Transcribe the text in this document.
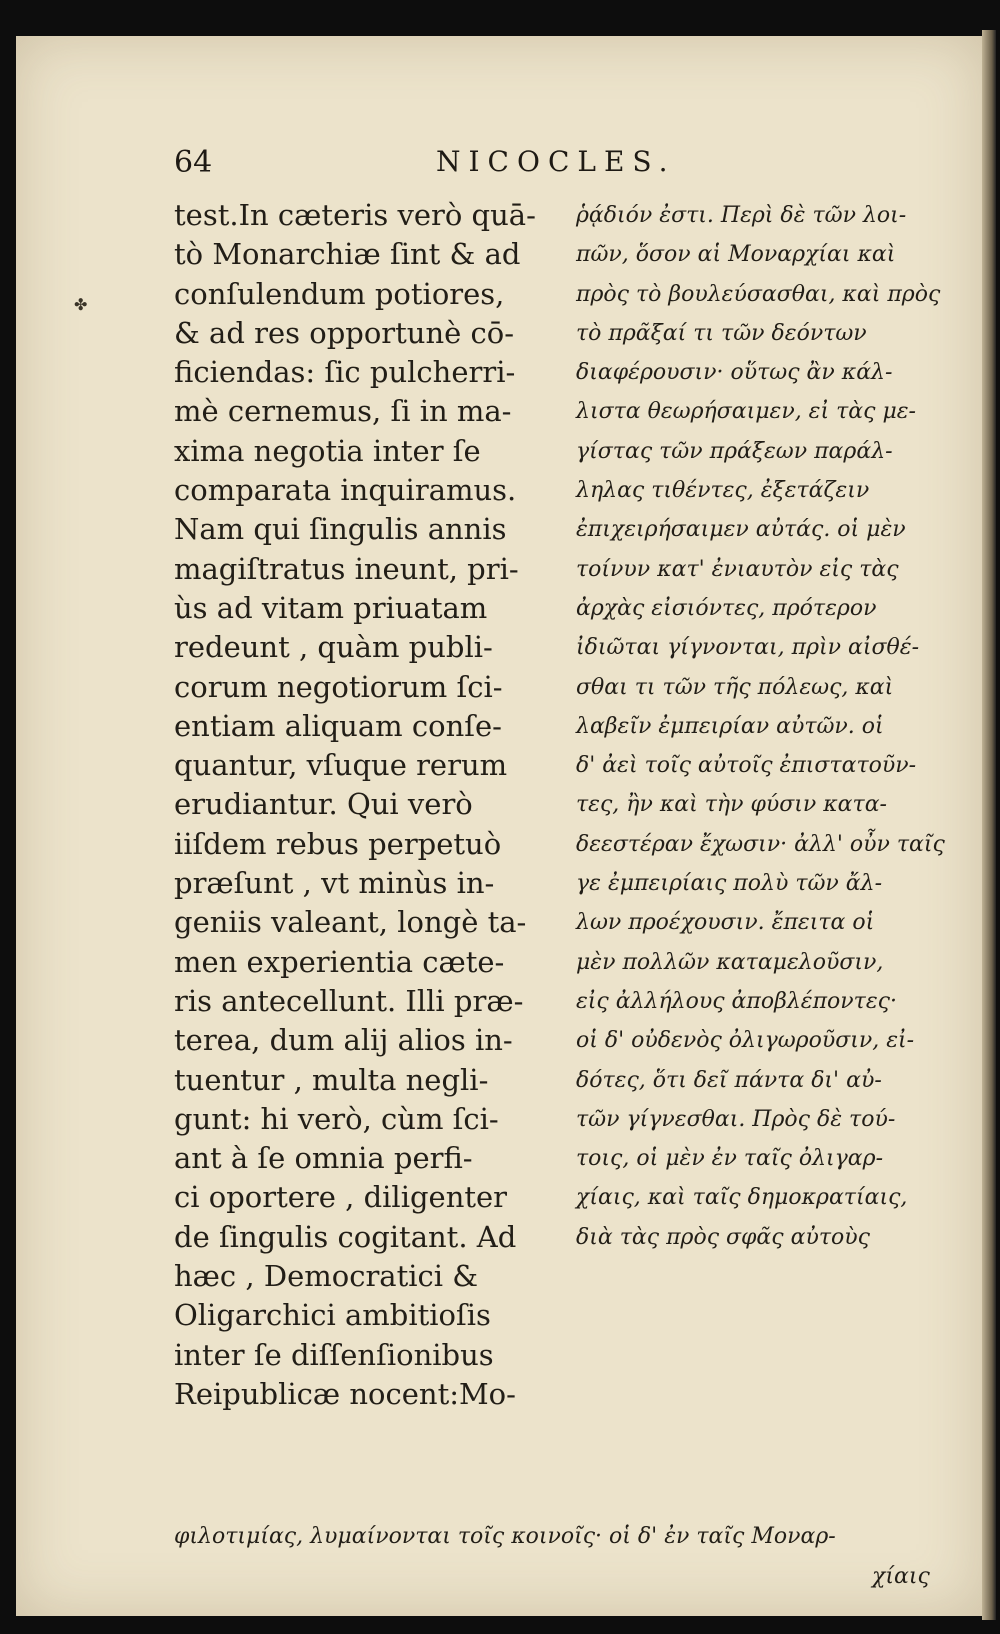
✤
64	NICOCLES.
test.In cæteris verò quā-
tò Monarchiæ ſint & ad
conſulendum potiores,
& ad res opportunè cō-
ficiendas: ſic pulcherri-
mè cernemus, ſi in ma-
xima negotia inter ſe
comparata inquiramus.
Nam qui ſingulis annis
magiſtratus ineunt, pri-
ùs ad vitam priuatam
redeunt , quàm publi-
corum negotiorum ſci-
entiam aliquam conſe-
quantur, vſuque rerum
erudiantur. Qui verò
iiſdem rebus perpetuò
præſunt , vt minùs in-
geniis valeant, longè ta-
men experientia cæte-
ris antecellunt. Illi præ-
terea, dum alij alios in-
tuentur , multa negli-
gunt: hi verò, cùm ſci-
ant à ſe omnia perfi-
ci oportere , diligenter
de ſingulis cogitant. Ad
hæc , Democratici &
Oligarchici ambitioſis
inter ſe diſſenſionibus
Reipublicæ nocent:Mo-
ῥᾴδιόν ἐστι. Περὶ δὲ τῶν λοι-
πῶν, ὅσον αἱ Μοναρχίαι καὶ
πρὸς τὸ βουλεύσασθαι, καὶ πρὸς
τὸ πρᾶξαί τι τῶν δεόντων
διαφέρουσιν· οὕτως ἂν κάλ-
λιστα θεωρήσαιμεν, εἰ τὰς με-
γίστας τῶν πράξεων παράλ-
ληλας τιθέντες, ἐξετάζειν
ἐπιχειρήσαιμεν αὐτάς. οἱ μὲν
τοίνυν κατ' ἐνιαυτὸν εἰς τὰς
ἀρχὰς εἰσιόντες, πρότερον
ἰδιῶται γίγνονται, πρὶν αἰσθέ-
σθαι τι τῶν τῆς πόλεως, καὶ
λαβεῖν ἐμπειρίαν αὐτῶν. οἱ
δ' ἀεὶ τοῖς αὐτοῖς ἐπιστατοῦν-
τες, ἢν καὶ τὴν φύσιν κατα-
δεεστέραν ἔχωσιν· ἀλλ' οὖν ταῖς
γε ἐμπειρίαις πολὺ τῶν ἄλ-
λων προέχουσιν. ἔπειτα οἱ
μὲν πολλῶν καταμελοῦσιν,
εἰς ἀλλήλους ἀποβλέποντες·
οἱ δ' οὐδενὸς ὀλιγωροῦσιν, εἰ-
δότες, ὅτι δεῖ πάντα δι' αὐ-
τῶν γίγνεσθαι. Πρὸς δὲ τού-
τοις, οἱ μὲν ἐν ταῖς ὀλιγαρ-
χίαις, καὶ ταῖς δημοκρατίαις,
διὰ τὰς πρὸς σφᾶς αὐτοὺς
φιλοτιμίας, λυμαίνονται τοῖς κοινοῖς· οἱ δ' ἐν ταῖς Μοναρ-
χίαις
